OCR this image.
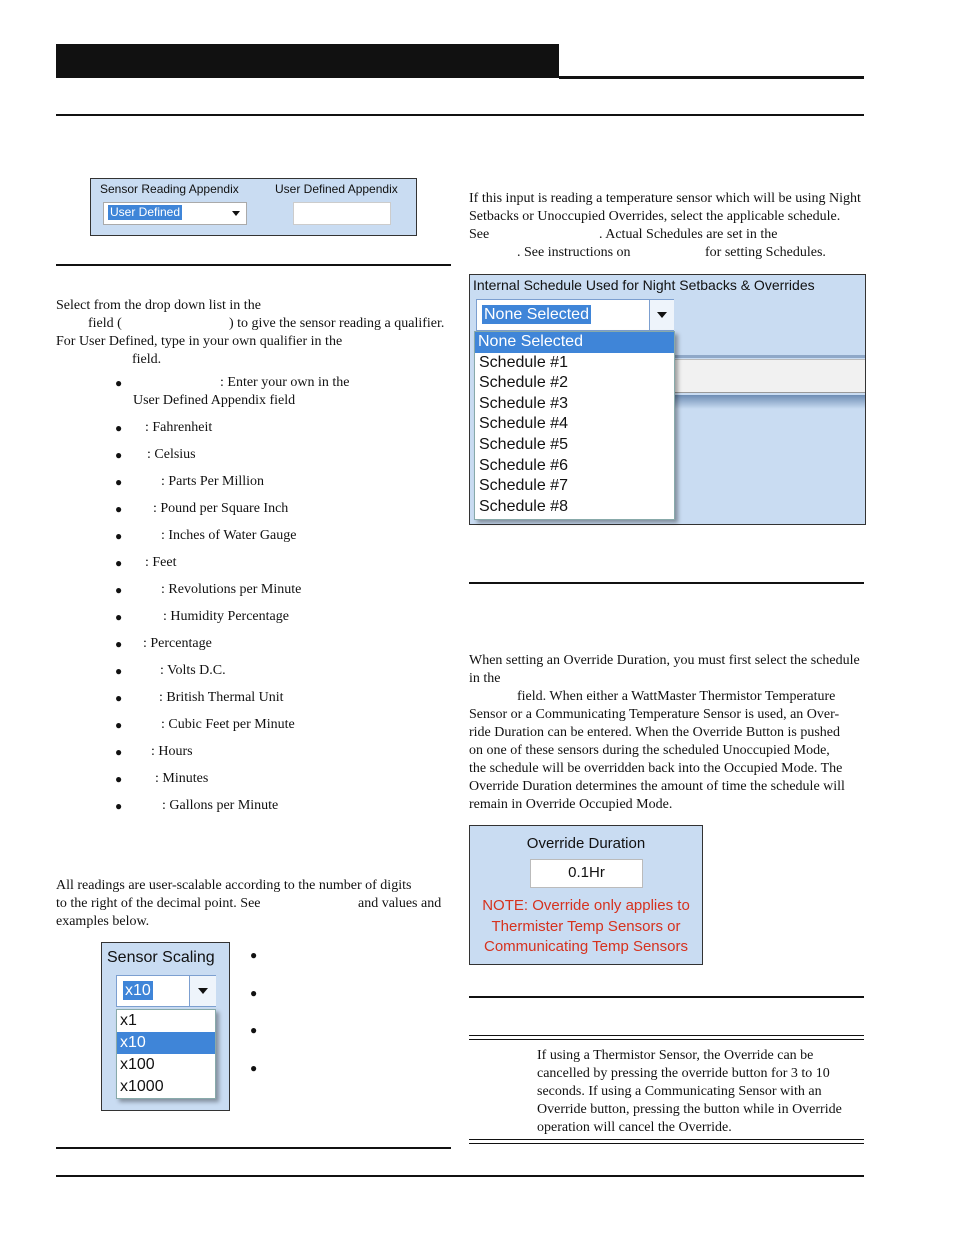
Sensor Reading Appendix	User Defined Appendix
User Defined
Select from the drop down list in the
field (	) to give the sensor reading a qualifier.
For User Defined, type in your own qualifier in the
field.
●	: Enter your own in the
User Defined Appendix field
● : Fahrenheit
● : Celsius
●	: Parts Per Million
● : Pound per Square Inch
●	: Inches of Water Gauge
● : Feet
●	: Revolutions per Minute
●	: Humidity Percentage
● : Percentage
●	: Volts D.C.
●	: British Thermal Unit
●	: Cubic Feet per Minute
● : Hours
● : Minutes
●	: Gallons per Minute
All readings are user-scalable according to the number of digits
to the right of the decimal point. See	and values and
examples below.
Sensor Scaling
x10
x1
x10
x100
x1000
●
●
●
●
If this input is reading a temperature sensor which will be using Night
Setbacks or Unoccupied Overrides, select the applicable schedule.
See	. Actual Schedules are set in the
. See instructions on	for setting Schedules.
Internal Schedule Used for Night Setbacks & Overrides
None Selected
None Selected
Schedule #1
Schedule #2
Schedule #3
Schedule #4
Schedule #5
Schedule #6
Schedule #7
Schedule #8
When setting an Override Duration, you must first select the schedule
in the
field. When either a WattMaster Thermistor Temperature
Sensor or a Communicating Temperature Sensor is used, an Over-
ride Duration can be entered. When the Override Button is pushed
on one of these sensors during the scheduled Unoccupied Mode,
the schedule will be overridden back into the Occupied Mode. The
Override Duration determines the amount of time the schedule will
remain in Override Occupied Mode.
Override Duration
0.1Hr
NOTE: Override only applies to
Thermister Temp Sensors or
Communicating Temp Sensors
If using a Thermistor Sensor, the Override can be
cancelled by pressing the override button for 3 to 10
seconds. If using a Communicating Sensor with an
Override button, pressing the button while in Override
operation will cancel the Override.
